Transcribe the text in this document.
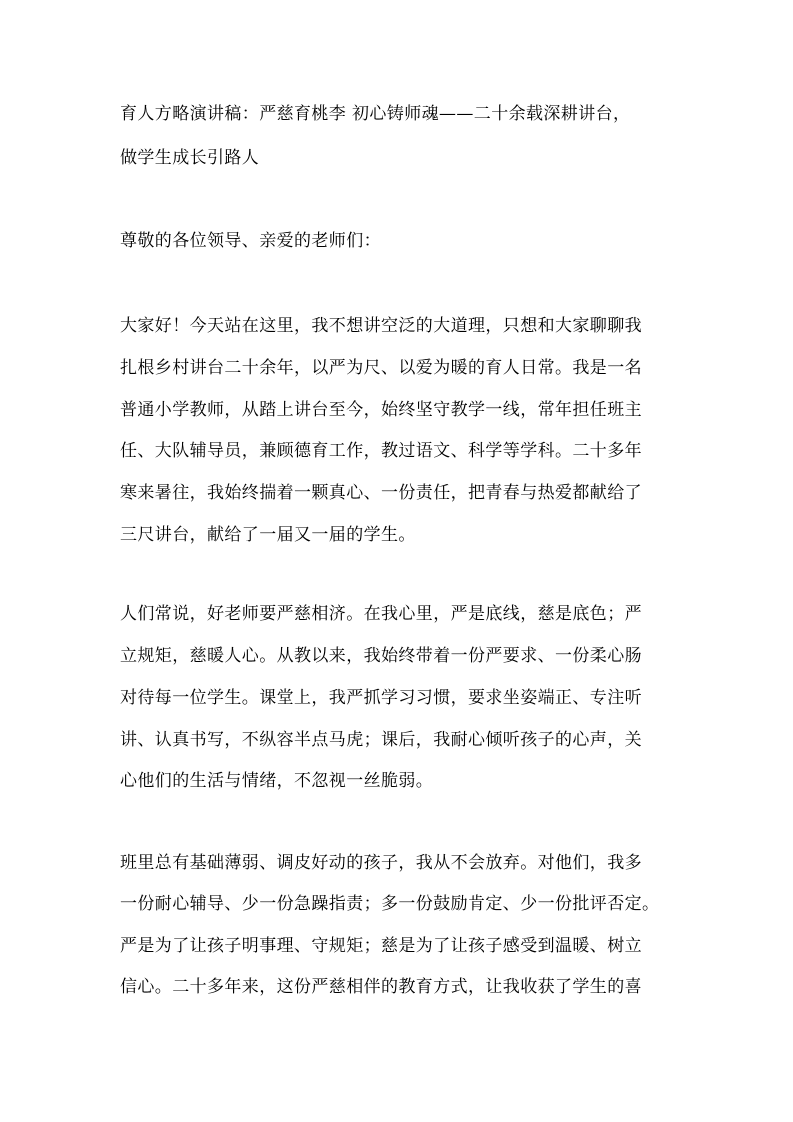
育人方略演讲稿：严慈育桃李 初心铸师魂——二十余载深耕讲台，
做学生成长引路人
尊敬的各位领导、亲爱的老师们：
大家好！今天站在这里，我不想讲空泛的大道理，只想和大家聊聊我
扎根乡村讲台二十余年，以严为尺、以爱为暖的育人日常。我是一名
普通小学教师，从踏上讲台至今，始终坚守教学一线，常年担任班主
任、大队辅导员，兼顾德育工作，教过语文、科学等学科。二十多年
寒来暑往，我始终揣着一颗真心、一份责任，把青春与热爱都献给了
三尺讲台，献给了一届又一届的学生。
人们常说，好老师要严慈相济。在我心里，严是底线，慈是底色；严
立规矩，慈暖人心。从教以来，我始终带着一份严要求、一份柔心肠
对待每一位学生。课堂上，我严抓学习习惯，要求坐姿端正、专注听
讲、认真书写，不纵容半点马虎；课后，我耐心倾听孩子的心声，关
心他们的生活与情绪，不忽视一丝脆弱。
班里总有基础薄弱、调皮好动的孩子，我从不会放弃。对他们，我多
一份耐心辅导、少一份急躁指责；多一份鼓励肯定、少一份批评否定。
严是为了让孩子明事理、守规矩；慈是为了让孩子感受到温暖、树立
信心。二十多年来，这份严慈相伴的教育方式，让我收获了学生的喜
